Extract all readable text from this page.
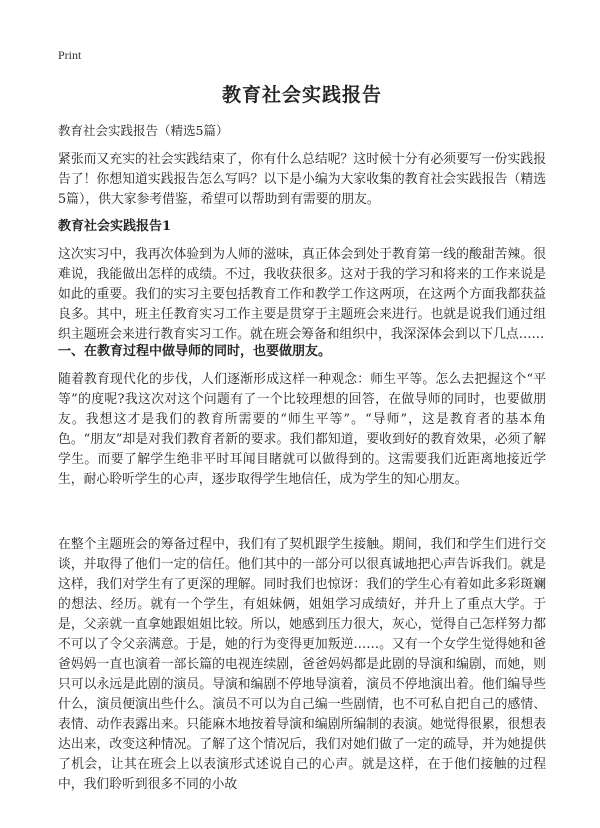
Print
教育社会实践报告

教育社会实践报告（精选5篇）

紧张而又充实的社会实践结束了，你有什么总结呢？这时候十分有必须要写一份实践报告了！你想知道实践报告怎么写吗？以下是小编为大家收集的教育社会实践报告（精选5篇），供大家参考借鉴，希望可以帮助到有需要的朋友。

教育社会实践报告1

这次实习中，我再次体验到为人师的滋味，真正体会到处于教育第一线的酸甜苦辣。很难说，我能做出怎样的成绩。不过，我收获很多。这对于我的学习和将来的工作来说是如此的重要。我们的实习主要包括教育工作和教学工作这两项，在这两个方面我都获益良多。其中，班主任教育实习工作主要是贯穿于主题班会来进行。也就是说我们通过组织主题班会来进行教育实习工作。就在班会筹备和组织中，我深深体会到以下几点……

一、在教育过程中做导师的同时，也要做朋友。

随着教育现代化的步伐，人们逐渐形成这样一种观念：师生平等。怎么去把握这个“平等”的度呢?我这次对这个问题有了一个比较理想的回答，在做导师的同时，也要做朋友。我想这才是我们的教育所需要的“师生平等”。“导师”，这是教育者的基本角色。“朋友”却是对我们教育者新的要求。我们都知道，要收到好的教育效果，必须了解学生。而要了解学生绝非平时耳闻目睹就可以做得到的。这需要我们近距离地接近学生，耐心聆听学生的心声，逐步取得学生地信任，成为学生的知心朋友。

在整个主题班会的筹备过程中，我们有了契机跟学生接触。期间，我们和学生们进行交谈，并取得了他们一定的信任。他们其中的一部分可以很真诚地把心声告诉我们。就是这样，我们对学生有了更深的理解。同时我们也惊讶：我们的学生心有着如此多彩斑斓的想法、经历。就有一个学生，有姐妹俩，姐姐学习成绩好，并升上了重点大学。于是，父亲就一直拿她跟姐姐比较。所以，她感到压力很大，灰心，觉得自己怎样努力都不可以了令父亲满意。于是，她的行为变得更加叛逆……。又有一个女学生觉得她和爸爸妈妈一直也演着一部长篇的电视连续剧，爸爸妈妈都是此剧的导演和编剧，而她，则只可以永远是此剧的演员。导演和编剧不停地导演着，演员不停地演出着。他们编导些什么，演员便演出些什么。演员不可以为自己编一些剧情，也不可私自把自己的感情、表情、动作表露出来。只能麻木地按着导演和编剧所编制的表演。她觉得很累，很想表达出来，改变这种情况。了解了这个情况后，我们对她们做了一定的疏导，并为她提供了机会，让其在班会上以表演形式述说自己的心声。就是这样，在于他们接触的过程中，我们聆听到很多不同的小故
